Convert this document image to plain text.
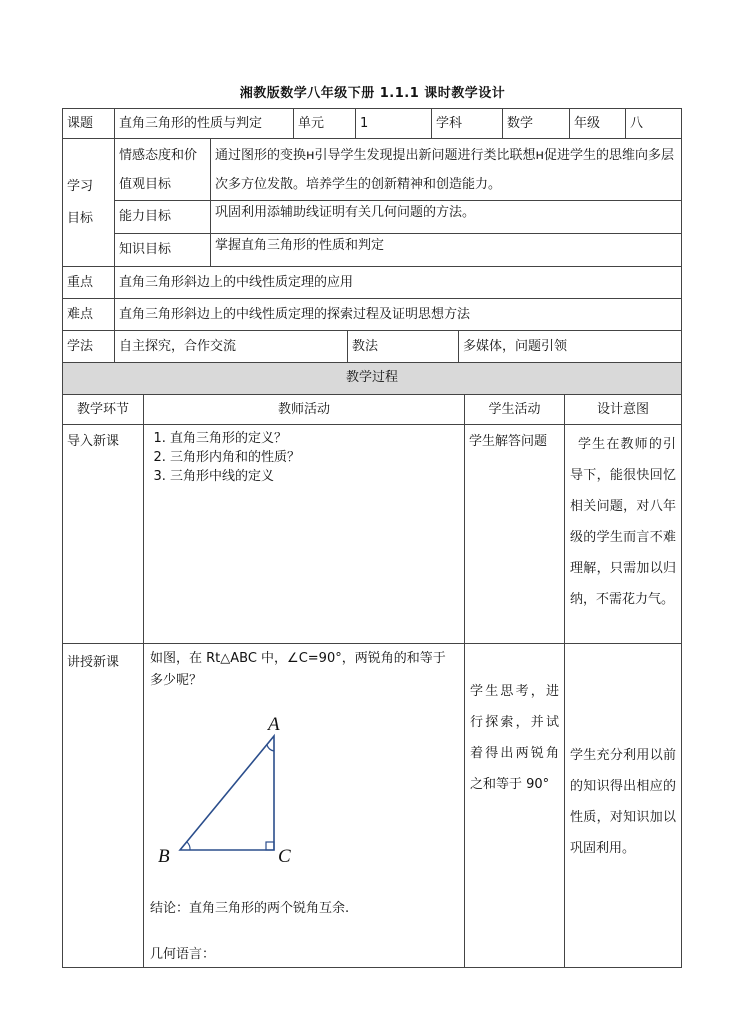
湘教版数学八年级下册 1.1.1 课时教学设计
课题	直角三角形的性质与判定	单元	1	学科	数学	年级	八
学习
目标
情感态度和价值观目标
通过图形的变换ʜ引导学生发现提出新问题进行类比联想ʜ促进学生的思维向多层次多方位发散。培养学生的创新精神和创造能力。
能力目标	巩固利用添辅助线证明有关几何问题的方法。
知识目标	掌握直角三角形的性质和判定
重点	直角三角形斜边上的中线性质定理的应用
难点	直角三角形斜边上的中线性质定理的探索过程及证明思想方法
学法	自主探究，合作交流	教法	多媒体，问题引领
教学过程
教学环节	教师活动	学生活动	设计意图
导入新课
1.	直角三角形的定义？
2. 三角形内角和的性质？
3. 三角形中线的定义
学生解答问题	学生在教师的引导下，能很快回忆相关问题，对八年级的学生而言不难理解，只需加以归纳，不需花力气。
讲授新课	如图，在 Rt△ABC 中，∠C=90°，两锐角的和等于多少呢？
A
B	C
结论：直角三角形的两个锐角互余.
几何语言：
学生思考，进行探索，并试着得出两锐角之和等于 90°
学生充分利用以前的知识得出相应的性质，对知识加以巩固利用。
